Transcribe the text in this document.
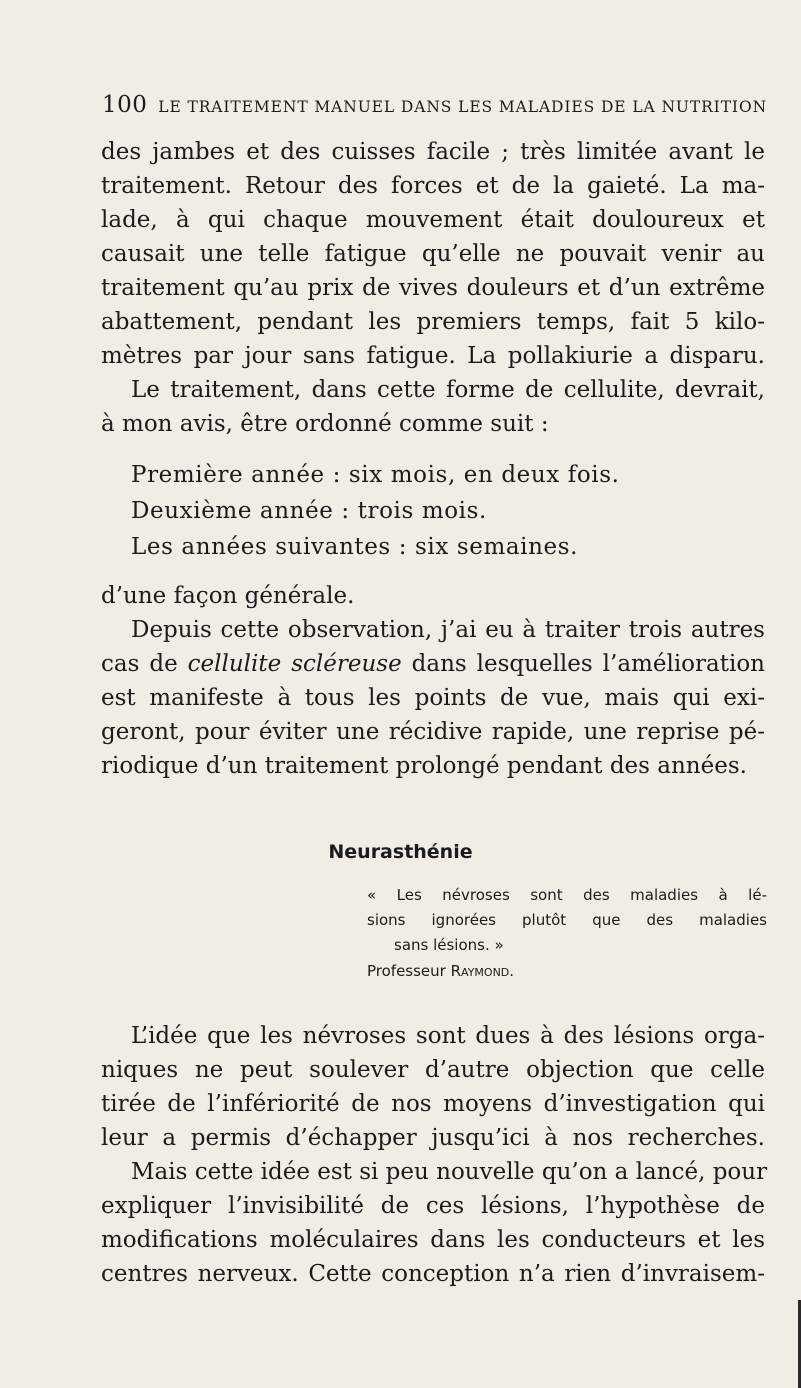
100 LE TRAITEMENT MANUEL DANS LES MALADIES DE LA NUTRITION
des jambes et des cuisses facile ; très limitée avant le
traitement. Retour des forces et de la gaieté. La ma-
lade, à qui chaque mouvement était douloureux et
causait une telle fatigue qu’elle ne pouvait venir au
traitement qu’au prix de vives douleurs et d’un extrême
abattement, pendant les premiers temps, fait 5 kilo-
mètres par jour sans fatigue. La pollakiurie a disparu.
Le traitement, dans cette forme de cellulite, devrait,
à mon avis, être ordonné comme suit :
Première année : six mois, en deux fois.
Deuxième année : trois mois.
Les années suivantes : six semaines.
d’une façon générale.
Depuis cette observation, j’ai eu à traiter trois autres
cas de cellulite scléreuse dans lesquelles l’amélioration
est manifeste à tous les points de vue, mais qui exi-
geront, pour éviter une récidive rapide, une reprise pé-
riodique d’un traitement prolongé pendant des années.
Neurasthénie
« Les névroses sont des maladies à lé-
sions ignorées plutôt que des maladies
sans lésions. »
Professeur Raymond.
L’idée que les névroses sont dues à des lésions orga-
niques ne peut soulever d’autre objection que celle
tirée de l’infériorité de nos moyens d’investigation qui
leur a permis d’échapper jusqu’ici à nos recherches.
Mais cette idée est si peu nouvelle qu’on a lancé, pour
expliquer l’invisibilité de ces lésions, l’hypothèse de
modifications moléculaires dans les conducteurs et les
centres nerveux. Cette conception n’a rien d’invraisem-
